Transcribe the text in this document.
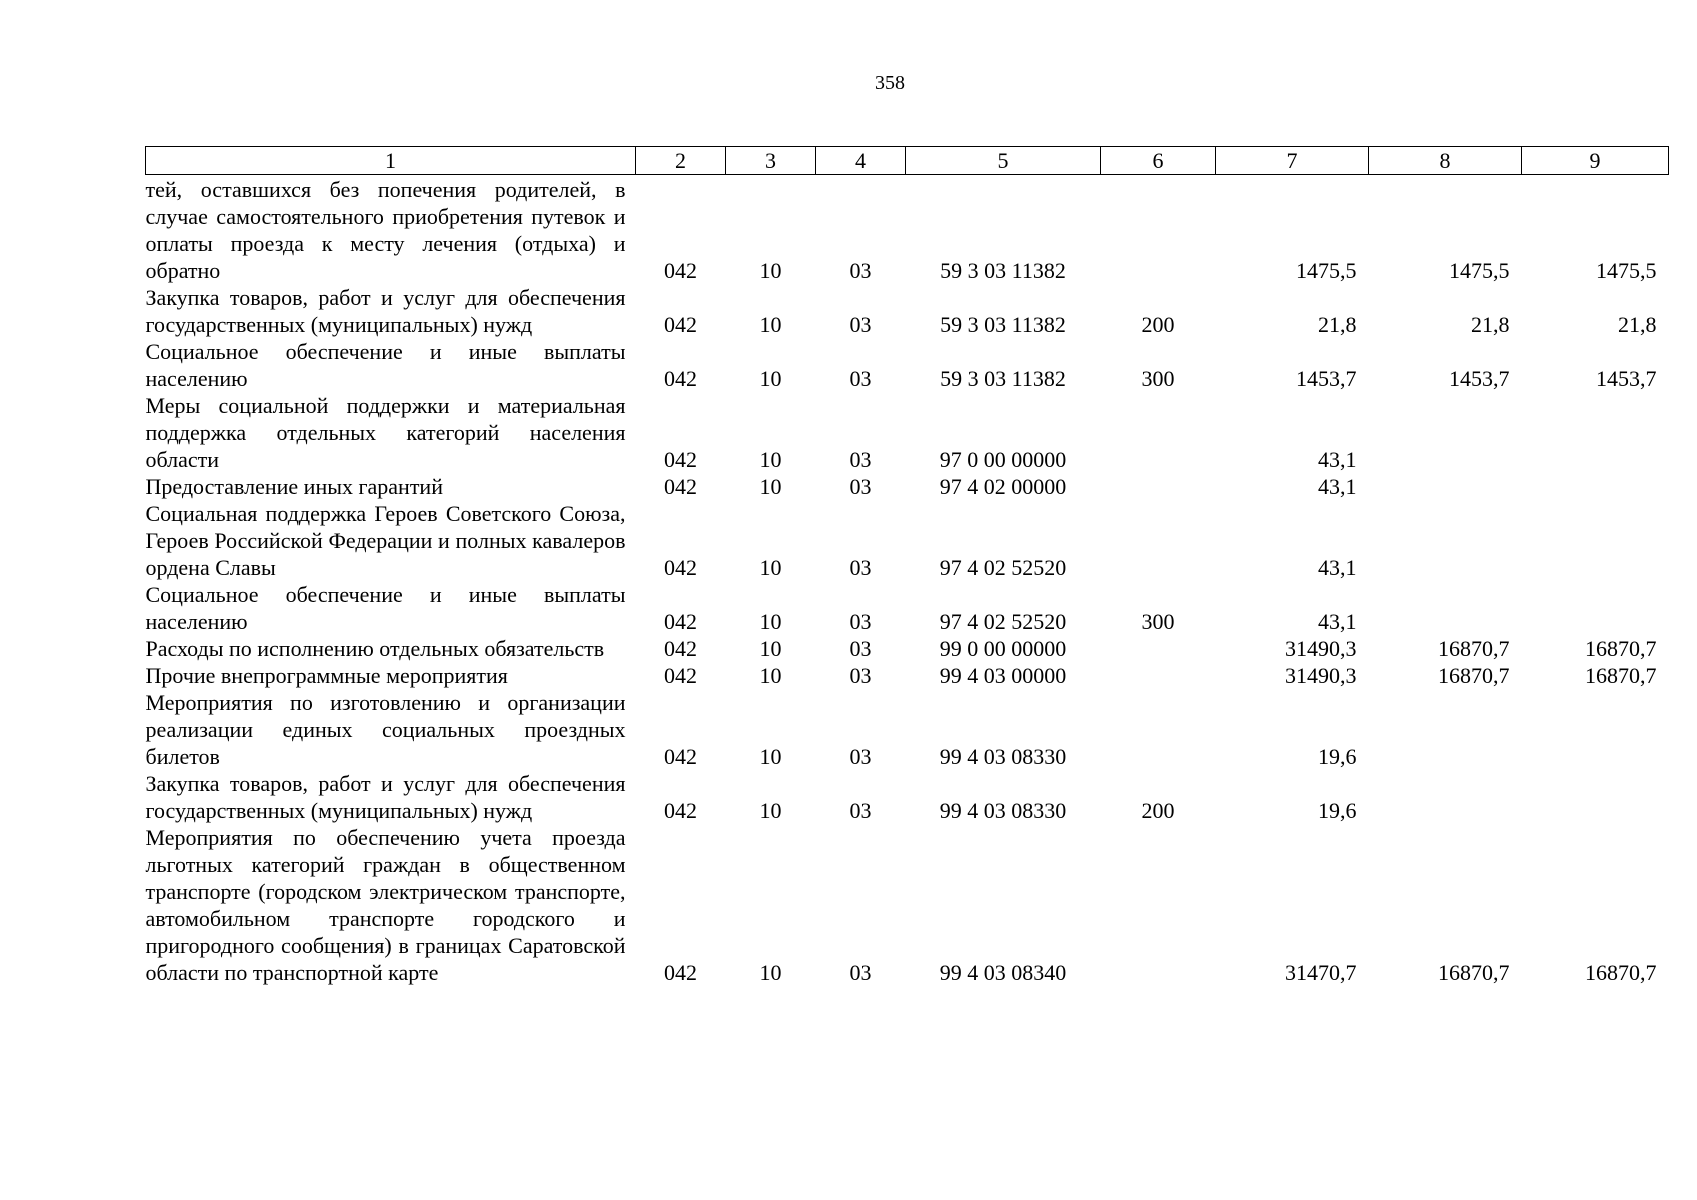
358
1	2	3	4	5	6	7	8	9
тей, оставшихся без попечения родителей, в случае самостоятельного приобретения путевок и оплаты проезда к месту лечения (отдыха) и обратно	042	10	03	59 3 03 11382		1475,5	1475,5	1475,5
Закупка товаров, работ и услуг для обеспечения государственных (муниципальных) нужд	042	10	03	59 3 03 11382	200	21,8	21,8	21,8
Социальное обеспечение и иные выплаты населению	042	10	03	59 3 03 11382	300	1453,7	1453,7	1453,7
Меры социальной поддержки и материальная поддержка отдельных категорий населения области	042	10	03	97 0 00 00000		43,1		
Предоставление иных гарантий	042	10	03	97 4 02 00000		43,1		
Социальная поддержка Героев Советского Союза, Героев Российской Федерации и полных кавалеров ордена Славы	042	10	03	97 4 02 52520		43,1		
Социальное обеспечение и иные выплаты населению	042	10	03	97 4 02 52520	300	43,1		
Расходы по исполнению отдельных обязательств	042	10	03	99 0 00 00000		31490,3	16870,7	16870,7
Прочие внепрограммные мероприятия	042	10	03	99 4 03 00000		31490,3	16870,7	16870,7
Мероприятия по изготовлению и организации реализации единых социальных проездных билетов	042	10	03	99 4 03 08330		19,6		
Закупка товаров, работ и услуг для обеспечения государственных (муниципальных) нужд	042	10	03	99 4 03 08330	200	19,6		
Мероприятия по обеспечению учета проезда льготных категорий граждан в общественном транспорте (городском электрическом транспорте, автомобильном транспорте городского и пригородного сообщения) в границах Саратовской области по транспортной карте	042	10	03	99 4 03 08340		31470,7	16870,7	16870,7
